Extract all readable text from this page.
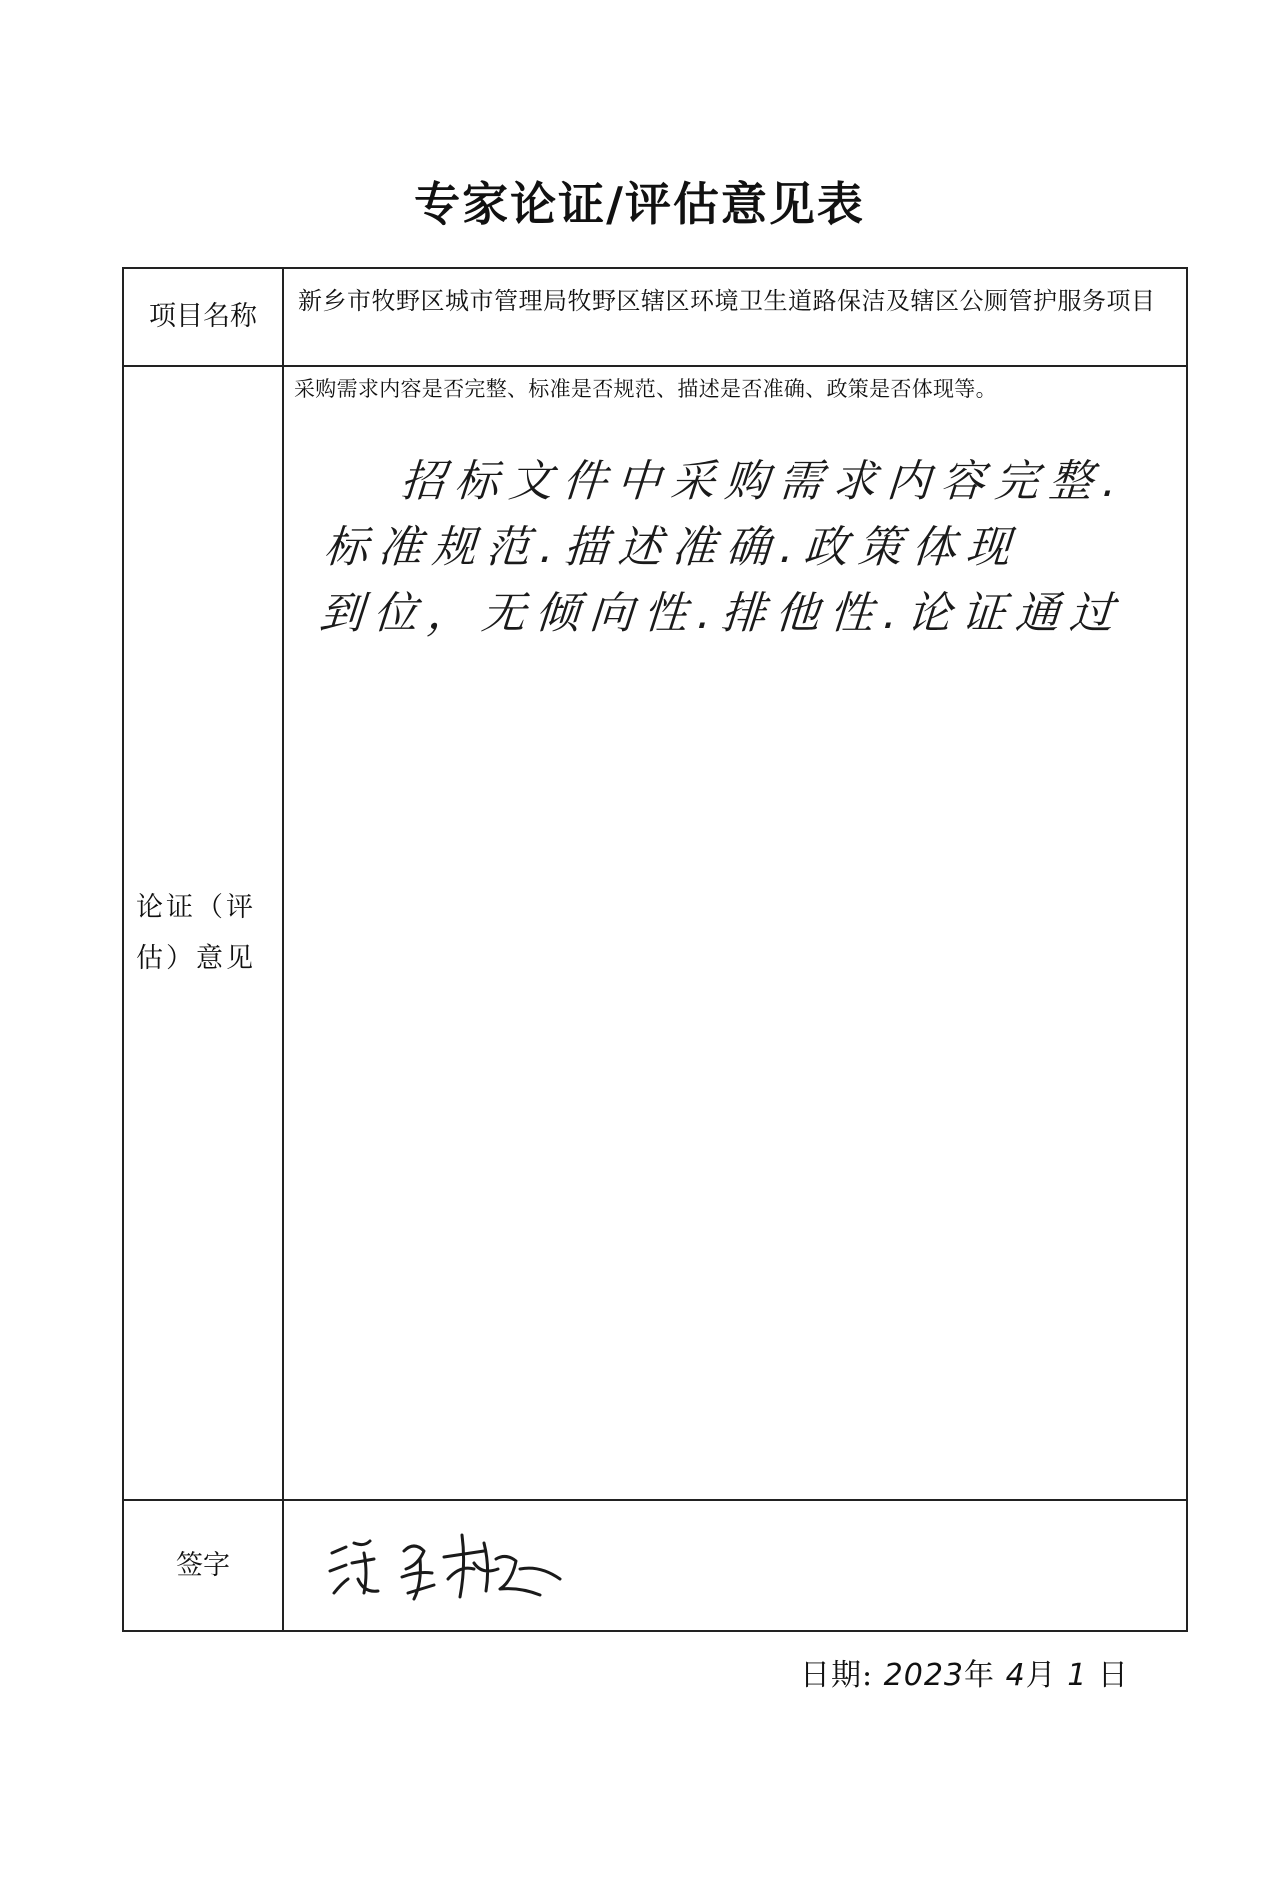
专家论证/评估意见表
项目名称
新乡市牧野区城市管理局牧野区辖区环境卫生道路保洁及辖区公厕管护服务项目
论证（评估）意见
采购需求内容是否完整、标准是否规范、描述是否准确、政策是否体现等。
招标文件中采购需求内容完整.
标准规范.描述准确.政策体现
到位，无倾向性.排他性.论证通过
签字
日期: 2023年 4月 1 日
